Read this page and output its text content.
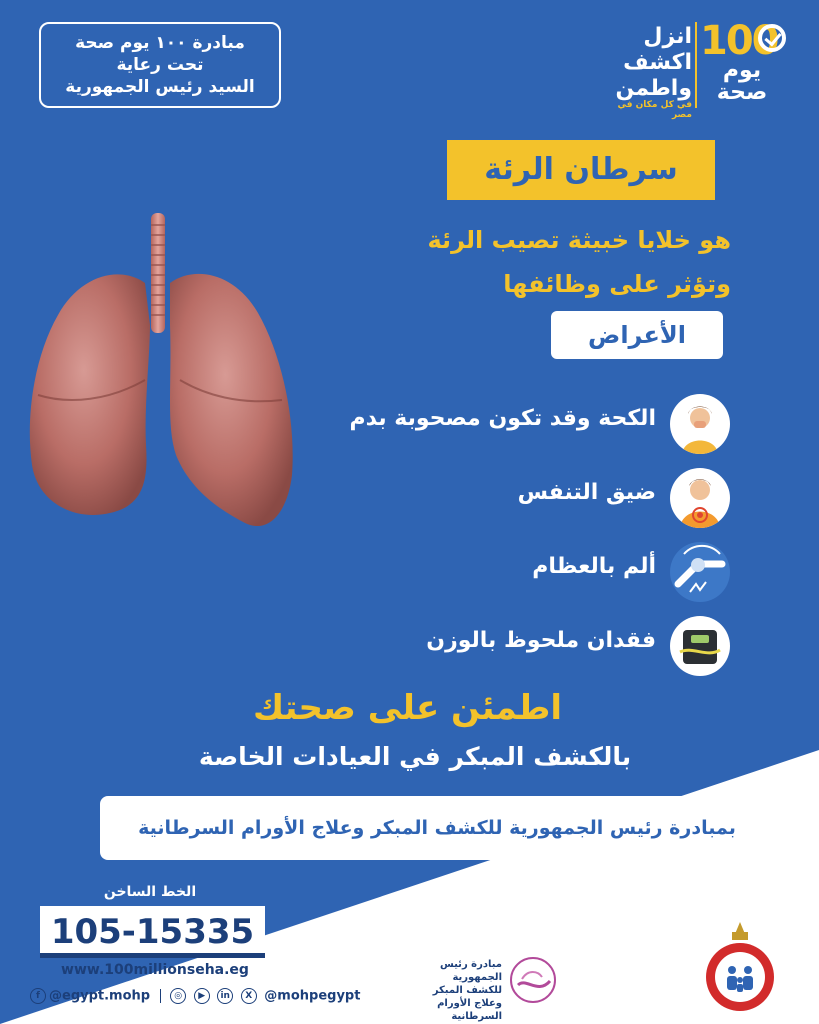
مبادرة ١٠٠ يوم صحة
تحت رعاية
السيد رئيس الجمهورية
انزل
اكشف
واطمن
في كل مكان في مصر
100
يوم
صحة
سرطان الرئة
هو خلايا خبيثة تصيب الرئة
وتؤثر على وظائفها
الأعراض
الكحة وقد تكون مصحوبة بدم
ضيق التنفس
ألم بالعظام
فقدان ملحوظ بالوزن
اطمئن على صحتك
بالكشف المبكر في العيادات الخاصة
بمبادرة رئيس الجمهورية للكشف المبكر وعلاج الأورام السرطانية
الخط الساخن
105-15335
www.100millionseha.eg
f @egypt.mohp	◎ ▶ in X @mohpegypt
مبادرة رئيس الجمهورية
للكشف المبكر
وعلاج الأورام السرطانية
